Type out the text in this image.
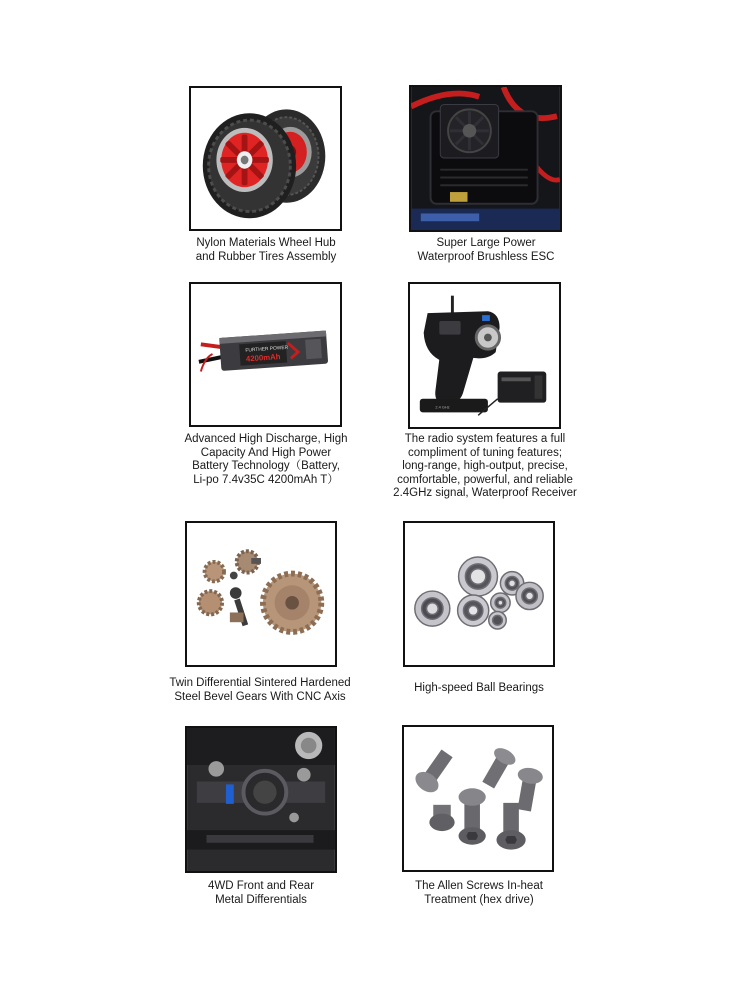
Nylon Materials Wheel Hub
and Rubber Tires Assembly
Super Large Power
Waterproof Brushless ESC
FURTHER POWER
4200mAh
Advanced High Discharge, High
Capacity And High Power
Battery Technology（Battery,
Li-po 7.4v35C 4200mAh T）
2.4 GHz
The radio system features a full
compliment of tuning features;
long-range, high-output, precise,
comfortable, powerful, and reliable
2.4GHz signal, Waterproof Receiver
Twin Differential Sintered Hardened
Steel Bevel Gears With CNC Axis
High-speed Ball Bearings
4WD Front and Rear
Metal Differentials
The Allen Screws In-heat
Treatment (hex drive)
